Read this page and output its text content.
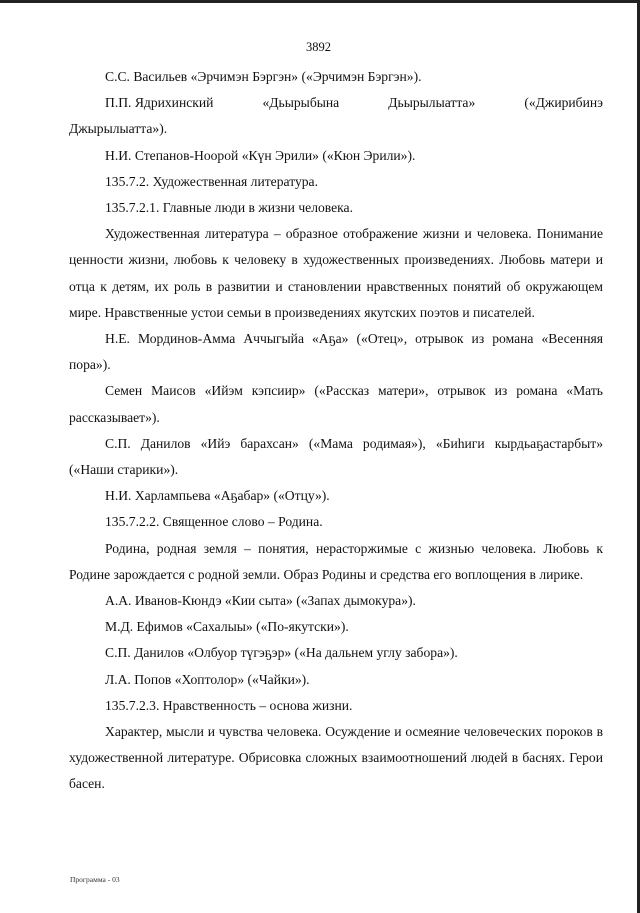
3892

С.С. Васильев «Эрчимэн Бэргэн» («Эрчимэн Бэргэн»).

П.П. Ядрихинский	«Дьырыбына	Дьырылыатта»	(«Джирибинэ

Джырылыатта»).

Н.И. Степанов-Ноорой «Күн Эрили» («Кюн Эрили»).

135.7.2. Художественная литература.

135.7.2.1. Главные люди в жизни человека.

Художественная литература – образное отображение жизни и человека. Понимание ценности жизни, любовь к человеку в художественных произведениях. Любовь матери и отца к детям, их роль в развитии и становлении нравственных понятий об окружающем мире. Нравственные устои семьи в произведениях якутских поэтов и писателей.

Н.Е. Мординов-Амма Аччыгыйа «Аҕа» («Отец», отрывок из романа «Весенняя пора»).

Семен Маисов «Ийэм кэпсиир» («Рассказ матери», отрывок из романа «Мать рассказывает»).

С.П. Данилов «Ийэ барахсан» («Мама родимая»), «Биһиги кырдьаҕастарбыт» («Наши старики»).

Н.И. Харлампьева «Аҕабар» («Отцу»).

135.7.2.2. Священное слово – Родина.

Родина, родная земля – понятия, нерасторжимые с жизнью человека. Любовь к Родине зарождается с родной земли. Образ Родины и средства его воплощения в лирике.

А.А. Иванов-Кюндэ «Кии сыта» («Запах дымокура»).

М.Д. Ефимов «Сахалыы» («По-якутски»).

С.П. Данилов «Олбуор түгэҕэр» («На дальнем углу забора»).

Л.А. Попов «Хоптолор» («Чайки»).

135.7.2.3. Нравственность – основа жизни.

Характер, мысли и чувства человека. Осуждение и осмеяние человеческих пороков в художественной литературе. Обрисовка сложных взаимоотношений людей в баснях. Герои басен.

Программа - 03
